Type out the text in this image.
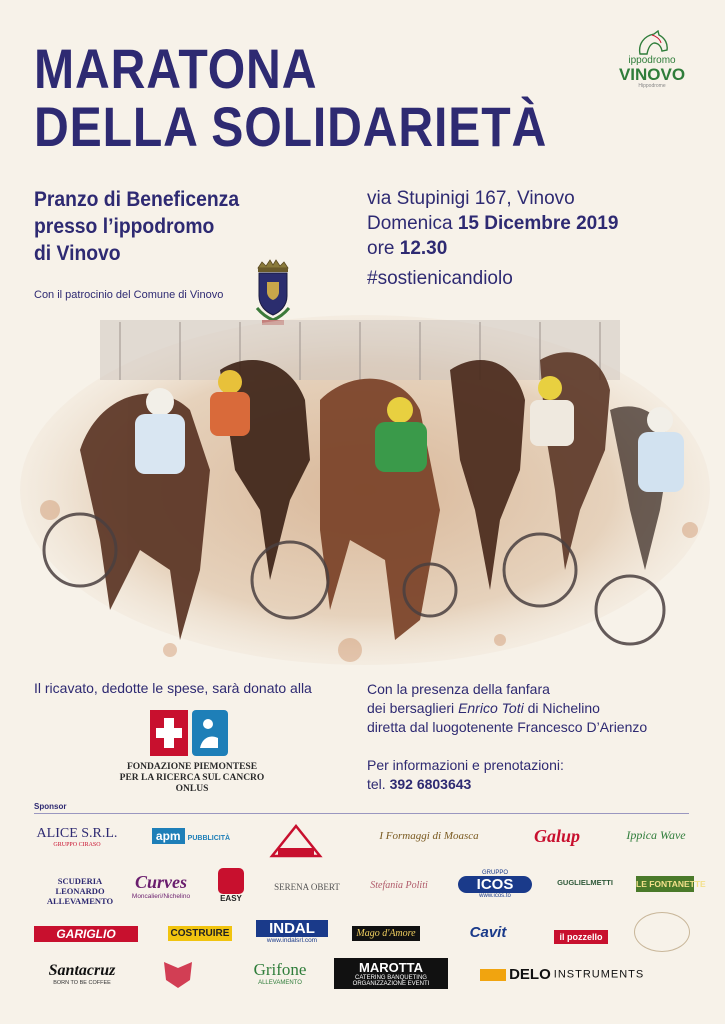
MARATONA
DELLA SOLIDARIETÀ
ippodromo
VINOVO
Hippodrome
Pranzo di Beneficenza
presso l’ippodromo
di Vinovo
Con il patrocinio del Comune di Vinovo
via Stupinigi 167, Vinovo
Domenica 15 Dicembre 2019
ore 12.30
#sostienicandiolo
Il ricavato, dedotte le spese, sarà donato alla
FONDAZIONE PIEMONTESE
PER LA RICERCA SUL CANCRO
ONLUS
Con la presenza della fanfara
dei bersaglieri Enrico Toti di Nichelino
diretta dal luogotenente Francesco D’Arienzo
Per informazioni e prenotazioni:
tel. 392 6803643
Sponsor
ALICE S.R.L.
GRUPPO CIRASO
apm PUBBLICITÀ	I Formaggi di Moasca	Galup	Ippica Wave
SCUDERIA
LEONARDO
ALLEVAMENTO
Curves
Moncalieri/Nichelino	EASY
SERENA OBERT	Stefania Politi
GRUPPO
ICOS
www.icos.to
GUGLIELMETTI	LE FONTANETTE
GARIGLIO	COSTRUIRE	INDAL
www.indalsrl.com
Mago d'Amore	Cavit	il pozzello
Santacruz
BORN TO BE COFFEE
Grifone
ALLEVAMENTO
MAROTTA
CATERING BANQUETING
ORGANIZZAZIONE EVENTI
DELO INSTRUMENTS
